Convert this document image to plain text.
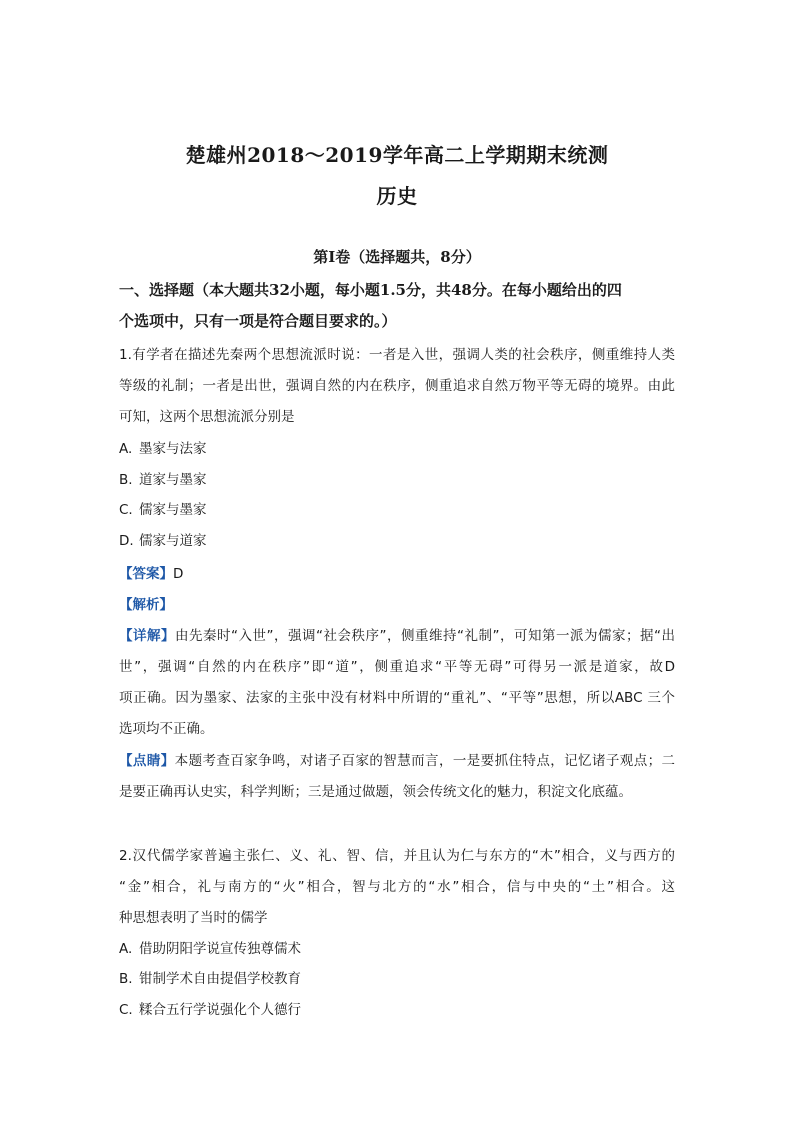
楚雄州2018～2019学年高二上学期期末统测
历史
第Ⅰ卷（选择题共，8分）
一、选择题（本大题共32小题，每小题1.5分，共48分。在每小题给出的四
个选项中，只有一项是符合题目要求的。）
1.有学者在描述先秦两个思想流派时说：一者是入世，强调人类的社会秩序，侧重维持人类
等级的礼制；一者是出世，强调自然的内在秩序，侧重追求自然万物平等无碍的境界。由此
可知，这两个思想流派分别是
A. 墨家与法家
B. 道家与墨家
C. 儒家与墨家
D. 儒家与道家
【答案】D
【解析】
【详解】由先秦时“入世”，强调“社会秩序”，侧重维持“礼制”，可知第一派为儒家；据“出
世”，强调“自然的内在秩序”即“道”，侧重追求“平等无碍”可得另一派是道家，故D
项正确。因为墨家、法家的主张中没有材料中所谓的“重礼”、“平等”思想，所以ABC 三个
选项均不正确。
【点睛】本题考查百家争鸣，对诸子百家的智慧而言，一是要抓住特点，记忆诸子观点；二
是要正确再认史实，科学判断；三是通过做题，领会传统文化的魅力，积淀文化底蕴。
2.汉代儒学家普遍主张仁、义、礼、智、信，并且认为仁与东方的“木”相合，义与西方的
“金”相合，礼与南方的“火”相合，智与北方的“水”相合，信与中央的“土”相合。这
种思想表明了当时的儒学
A. 借助阴阳学说宣传独尊儒术
B. 钳制学术自由提倡学校教育
C. 糅合五行学说强化个人德行
